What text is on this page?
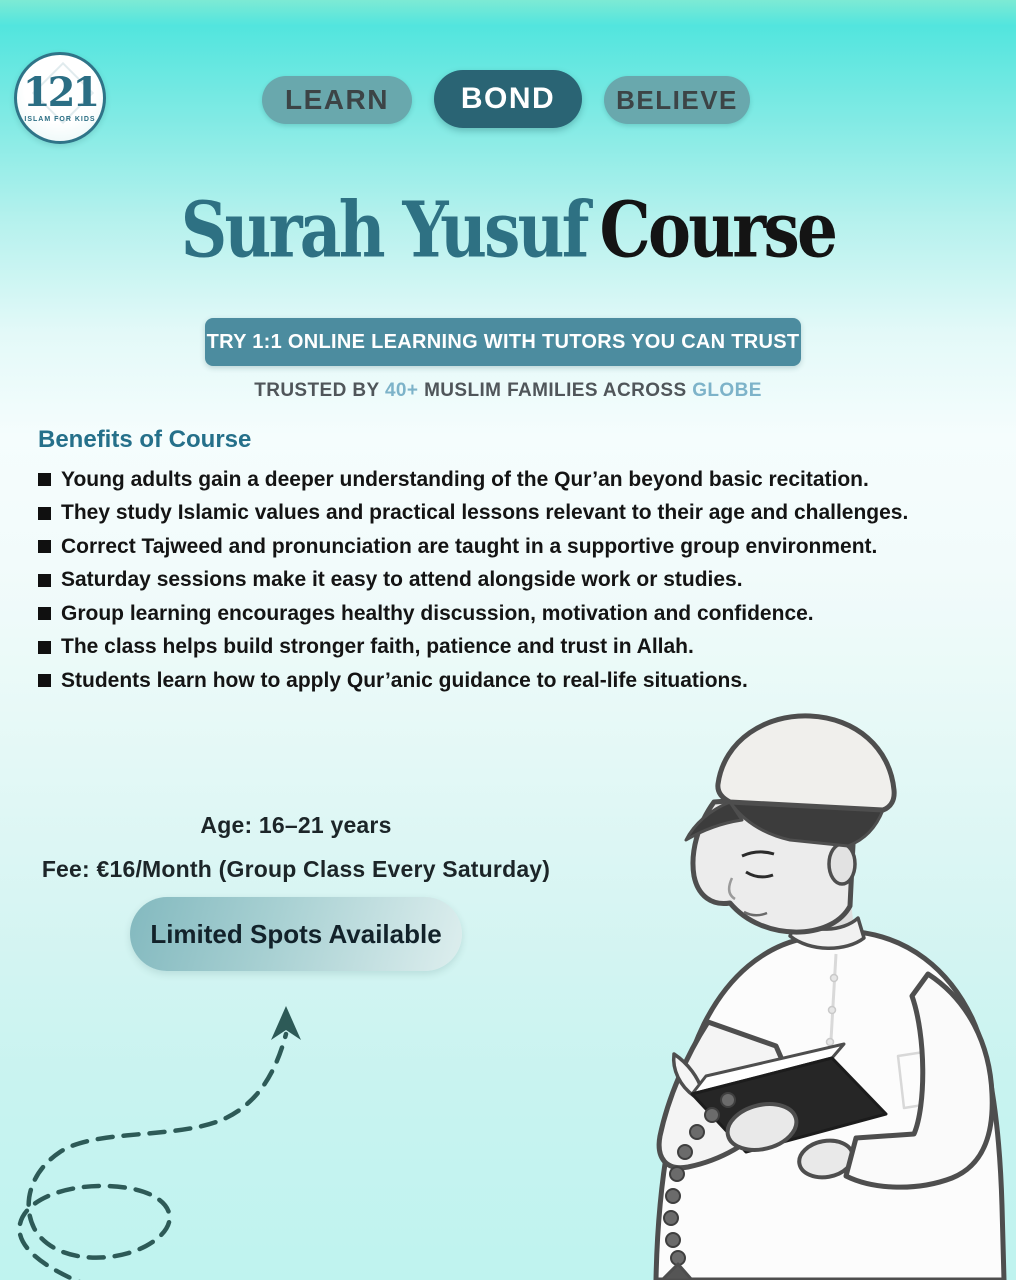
121
ISLAM FOR KIDS
LEARN	BOND	BELIEVE
Surah Yusuf Course
TRY 1:1 ONLINE LEARNING WITH TUTORS YOU CAN TRUST
TRUSTED BY 40+ MUSLIM FAMILIES ACROSS GLOBE
Benefits of Course
Young adults gain a deeper understanding of the Qur’an beyond basic recitation.
They study Islamic values and practical lessons relevant to their age and challenges.
Correct Tajweed and pronunciation are taught in a supportive group environment.
Saturday sessions make it easy to attend alongside work or studies.
Group learning encourages healthy discussion, motivation and confidence.
The class helps build stronger faith, patience and trust in Allah.
Students learn how to apply Qur’anic guidance to real-life situations.
Age: 16–21 years
Fee: €16/Month (Group Class Every Saturday)
Limited Spots Available
